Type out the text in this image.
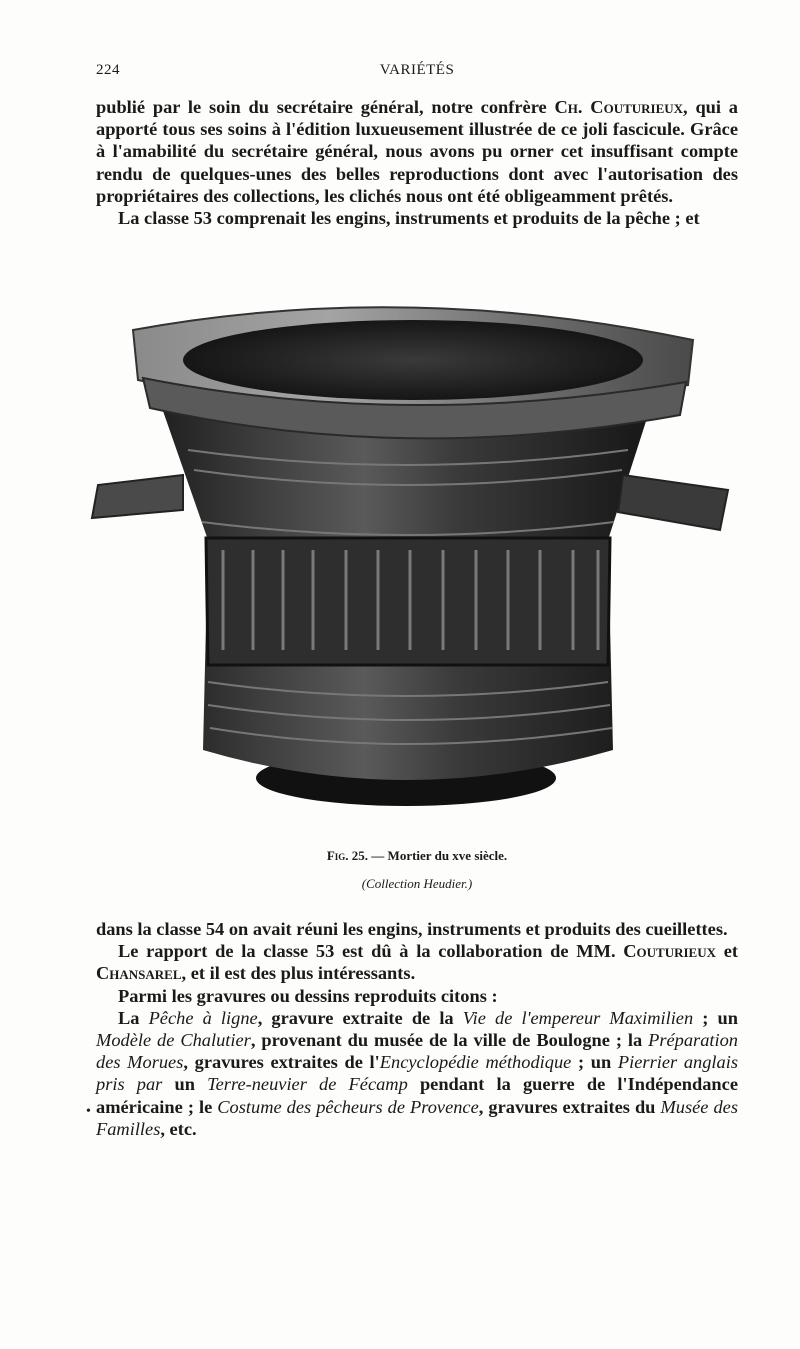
224	VARIÉTÉS

publié par le soin du secrétaire général, notre confrère Ch. Couturieux, qui a apporté tous ses soins à l'édition luxueusement illustrée de ce joli fascicule. Grâce à l'amabilité du secrétaire général, nous avons pu orner cet insuffisant compte rendu de quelques-unes des belles reproductions dont avec l'autorisation des propriétaires des collections, les clichés nous ont été obligeamment prêtés.

La classe 53 comprenait les engins, instruments et produits de la pêche ; et

Fig. 25. — Mortier du xve siècle.
(Collection Heudier.)

dans la classe 54 on avait réuni les engins, instruments et produits des cueillettes.

Le rapport de la classe 53 est dû à la collaboration de MM. Couturieux et Chansarel, et il est des plus intéressants.

Parmi les gravures ou dessins reproduits citons :

La Pêche à ligne, gravure extraite de la Vie de l'empereur Maximilien ; un Modèle de Chalutier, provenant du musée de la ville de Boulogne ; la Préparation des Morues, gravures extraites de l'Encyclopédie méthodique ; un Pierrier anglais pris par un Terre-neuvier de Fécamp pendant la guerre de l'Indépendance américaine ; le Costume des pêcheurs de Provence, gravures extraites du Musée des Familles, etc.

•
